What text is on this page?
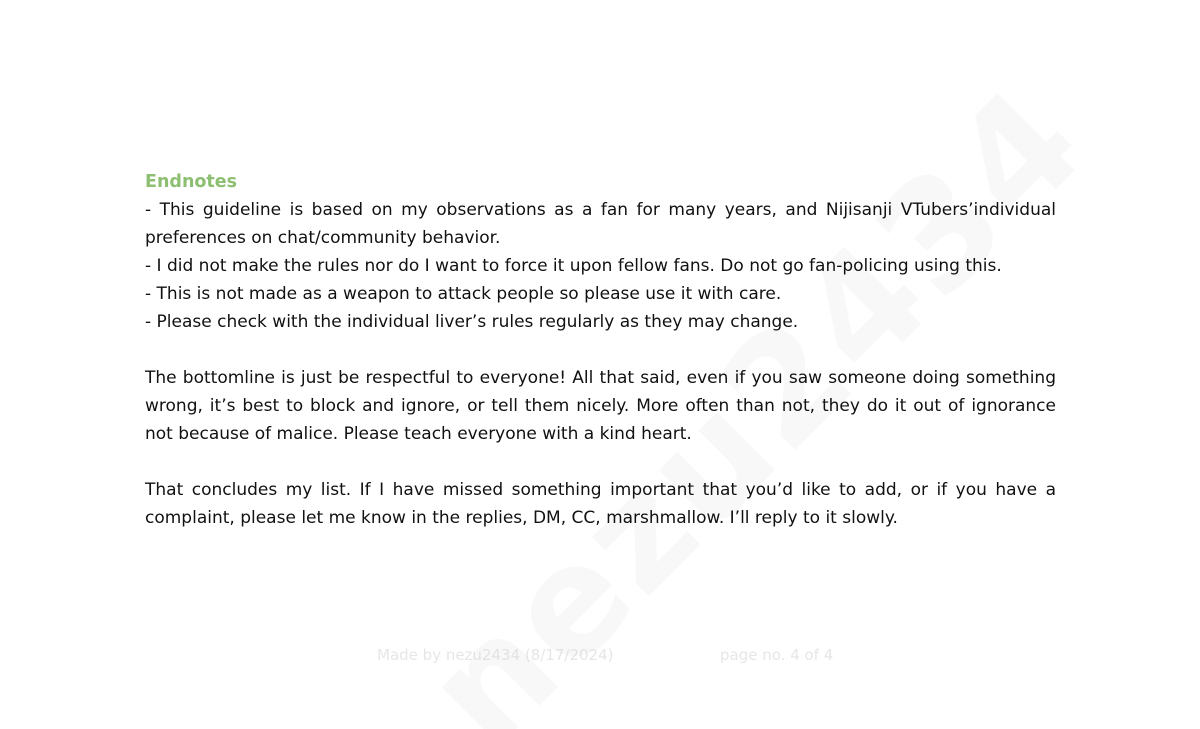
Endnotes

- This guideline is based on my observations as a fan for many years, and Nijisanji VTubers’individual preferences on chat/community behavior.

- I did not make the rules nor do I want to force it upon fellow fans. Do not go fan-policing using this.

- This is not made as a weapon to attack people so please use it with care.

- Please check with the individual liver’s rules regularly as they may change.

The bottomline is just be respectful to everyone! All that said, even if you saw someone doing something wrong, it’s best to block and ignore, or tell them nicely. More often than not, they do it out of ignorance not because of malice. Please teach everyone with a kind heart.

That concludes my list. If I have missed something important that you’d like to add, or if you have a complaint, please let me know in the replies, DM, CC, marshmallow. I’ll reply to it slowly.

Made by nezu2434 (8/17/2024)	page no. 4 of 4
